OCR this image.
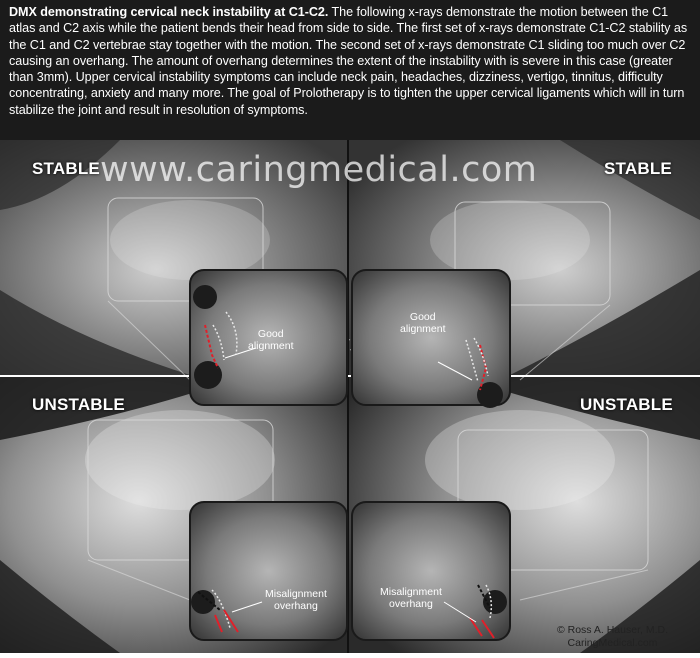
DMX demonstrating cervical neck instability at C1-C2. The following x-rays demonstrate the motion between the C1 atlas and C2 axis while the patient bends their head from side to side. The first set of x-rays demonstrate C1-C2 stability as the C1 and C2 vertebrae stay together with the motion. The second set of x-rays demonstrate C1 sliding too much over C2 causing an overhang. The amount of overhang determines the extent of the instability with is severe in this case (greater than 3mm). Upper cervical instability symptoms can include neck pain, headaches, dizziness, vertigo, tinnitus, difficulty concentrating, anxiety and many more. The goal of Prolotherapy is to tighten the upper cervical ligaments which will in turn stabilize the joint and result in resolution of symptoms.

www.caringmedical.com
STABLE	STABLE
UNSTABLE	UNSTABLE
Good
alignment
Good
alignment
Misalignment
overhang
Misalignment
overhang
© Ross A. Hauser, M.D.
CaringMedical.com
